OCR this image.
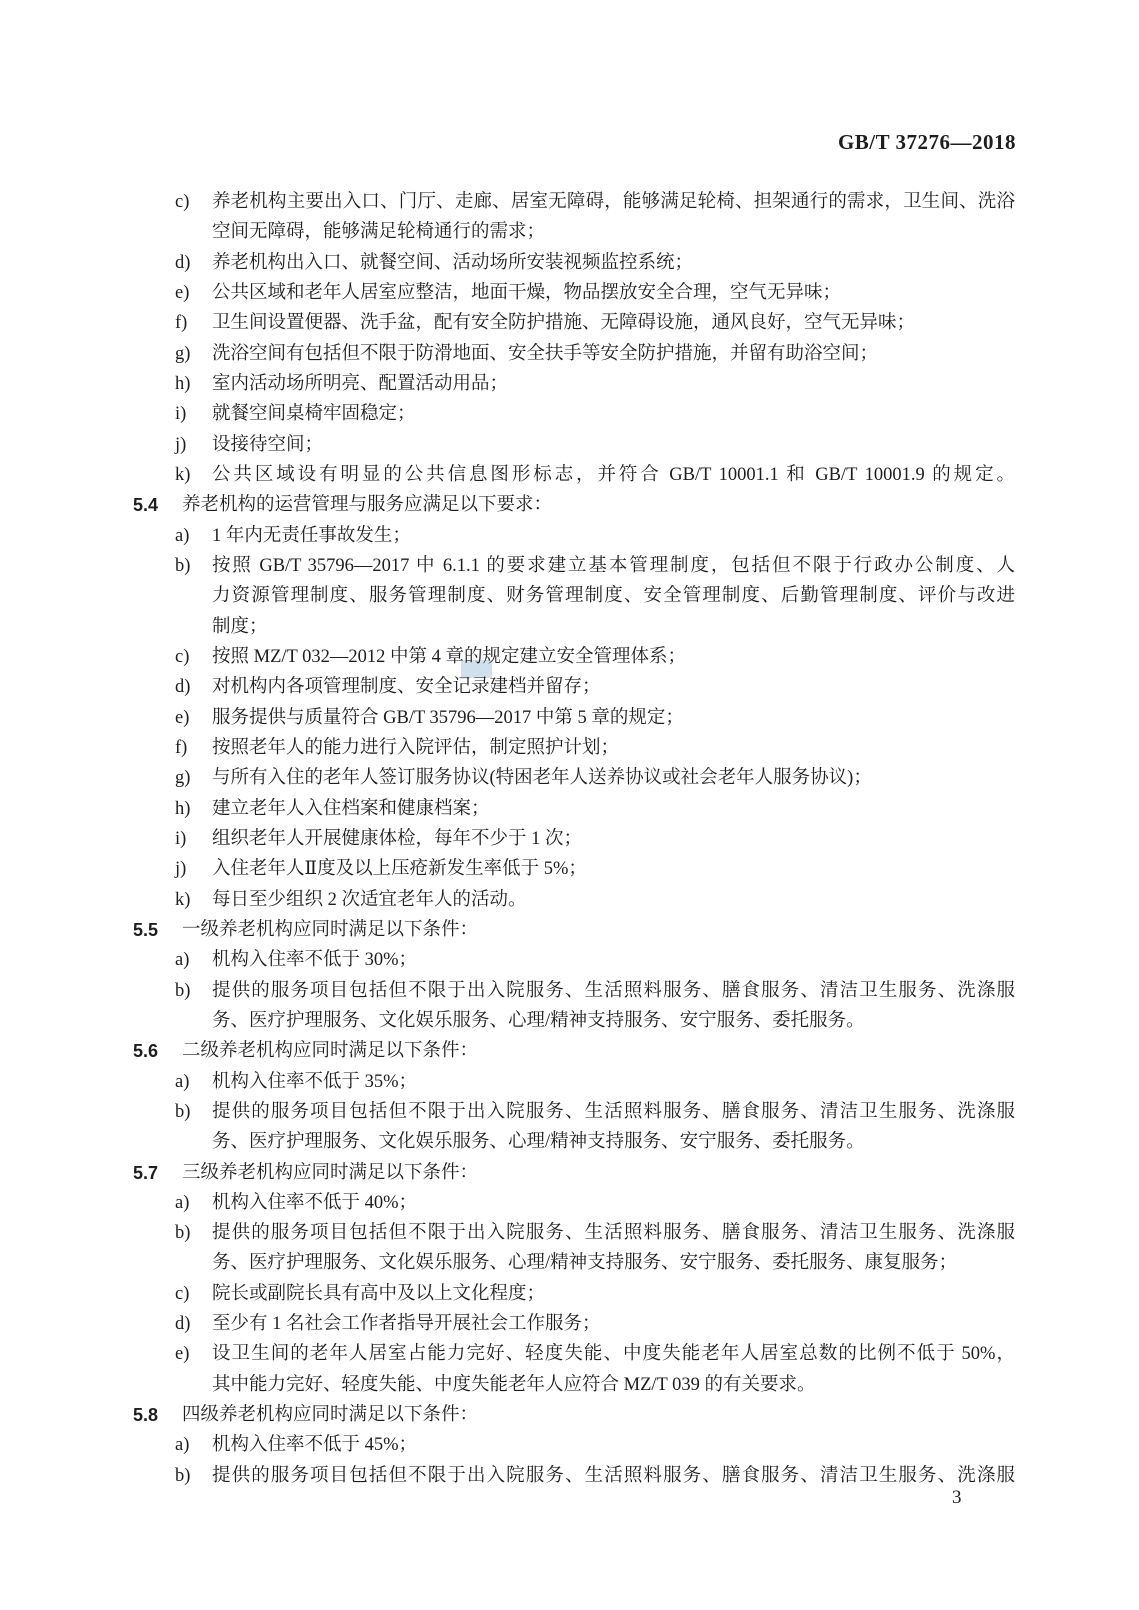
GB/T 37276—2018
c) 养老机构主要出入口、门厅、走廊、居室无障碍，能够满足轮椅、担架通行的需求，卫生间、洗浴
空间无障碍，能够满足轮椅通行的需求；
d) 养老机构出入口、就餐空间、活动场所安装视频监控系统；
e) 公共区域和老年人居室应整洁，地面干燥，物品摆放安全合理，空气无异味；
f) 卫生间设置便器、洗手盆，配有安全防护措施、无障碍设施，通风良好，空气无异味；
g) 洗浴空间有包括但不限于防滑地面、安全扶手等安全防护措施，并留有助浴空间；
h) 室内活动场所明亮、配置活动用品；
i) 就餐空间桌椅牢固稳定；
j) 设接待空间；
k) 公共区域设有明显的公共信息图形标志，并符合 GB/T 10001.1 和 GB/T 10001.9 的规定。
5.4 养老机构的运营管理与服务应满足以下要求：
a) 1 年内无责任事故发生；
b) 按照 GB/T 35796—2017 中 6.1.1 的要求建立基本管理制度，包括但不限于行政办公制度、人
力资源管理制度、服务管理制度、财务管理制度、安全管理制度、后勤管理制度、评价与改进
制度；
c) 按照 MZ/T 032—2012 中第 4 章的规定建立安全管理体系；
d) 对机构内各项管理制度、安全记录建档并留存；
e) 服务提供与质量符合 GB/T 35796—2017 中第 5 章的规定；
f) 按照老年人的能力进行入院评估，制定照护计划；
g) 与所有入住的老年人签订服务协议(特困老年人送养协议或社会老年人服务协议)；
h) 建立老年人入住档案和健康档案；
i) 组织老年人开展健康体检，每年不少于 1 次；
j) 入住老年人Ⅱ度及以上压疮新发生率低于 5%；
k) 每日至少组织 2 次适宜老年人的活动。
5.5 一级养老机构应同时满足以下条件：
a) 机构入住率不低于 30%；
b) 提供的服务项目包括但不限于出入院服务、生活照料服务、膳食服务、清洁卫生服务、洗涤服
务、医疗护理服务、文化娱乐服务、心理/精神支持服务、安宁服务、委托服务。
5.6 二级养老机构应同时满足以下条件：
a) 机构入住率不低于 35%；
b) 提供的服务项目包括但不限于出入院服务、生活照料服务、膳食服务、清洁卫生服务、洗涤服
务、医疗护理服务、文化娱乐服务、心理/精神支持服务、安宁服务、委托服务。
5.7 三级养老机构应同时满足以下条件：
a) 机构入住率不低于 40%；
b) 提供的服务项目包括但不限于出入院服务、生活照料服务、膳食服务、清洁卫生服务、洗涤服
务、医疗护理服务、文化娱乐服务、心理/精神支持服务、安宁服务、委托服务、康复服务；
c) 院长或副院长具有高中及以上文化程度；
d) 至少有 1 名社会工作者指导开展社会工作服务；
e) 设卫生间的老年人居室占能力完好、轻度失能、中度失能老年人居室总数的比例不低于 50%，
其中能力完好、轻度失能、中度失能老年人应符合 MZ/T 039 的有关要求。
5.8 四级养老机构应同时满足以下条件：
a) 机构入住率不低于 45%；
b) 提供的服务项目包括但不限于出入院服务、生活照料服务、膳食服务、清洁卫生服务、洗涤服
3
